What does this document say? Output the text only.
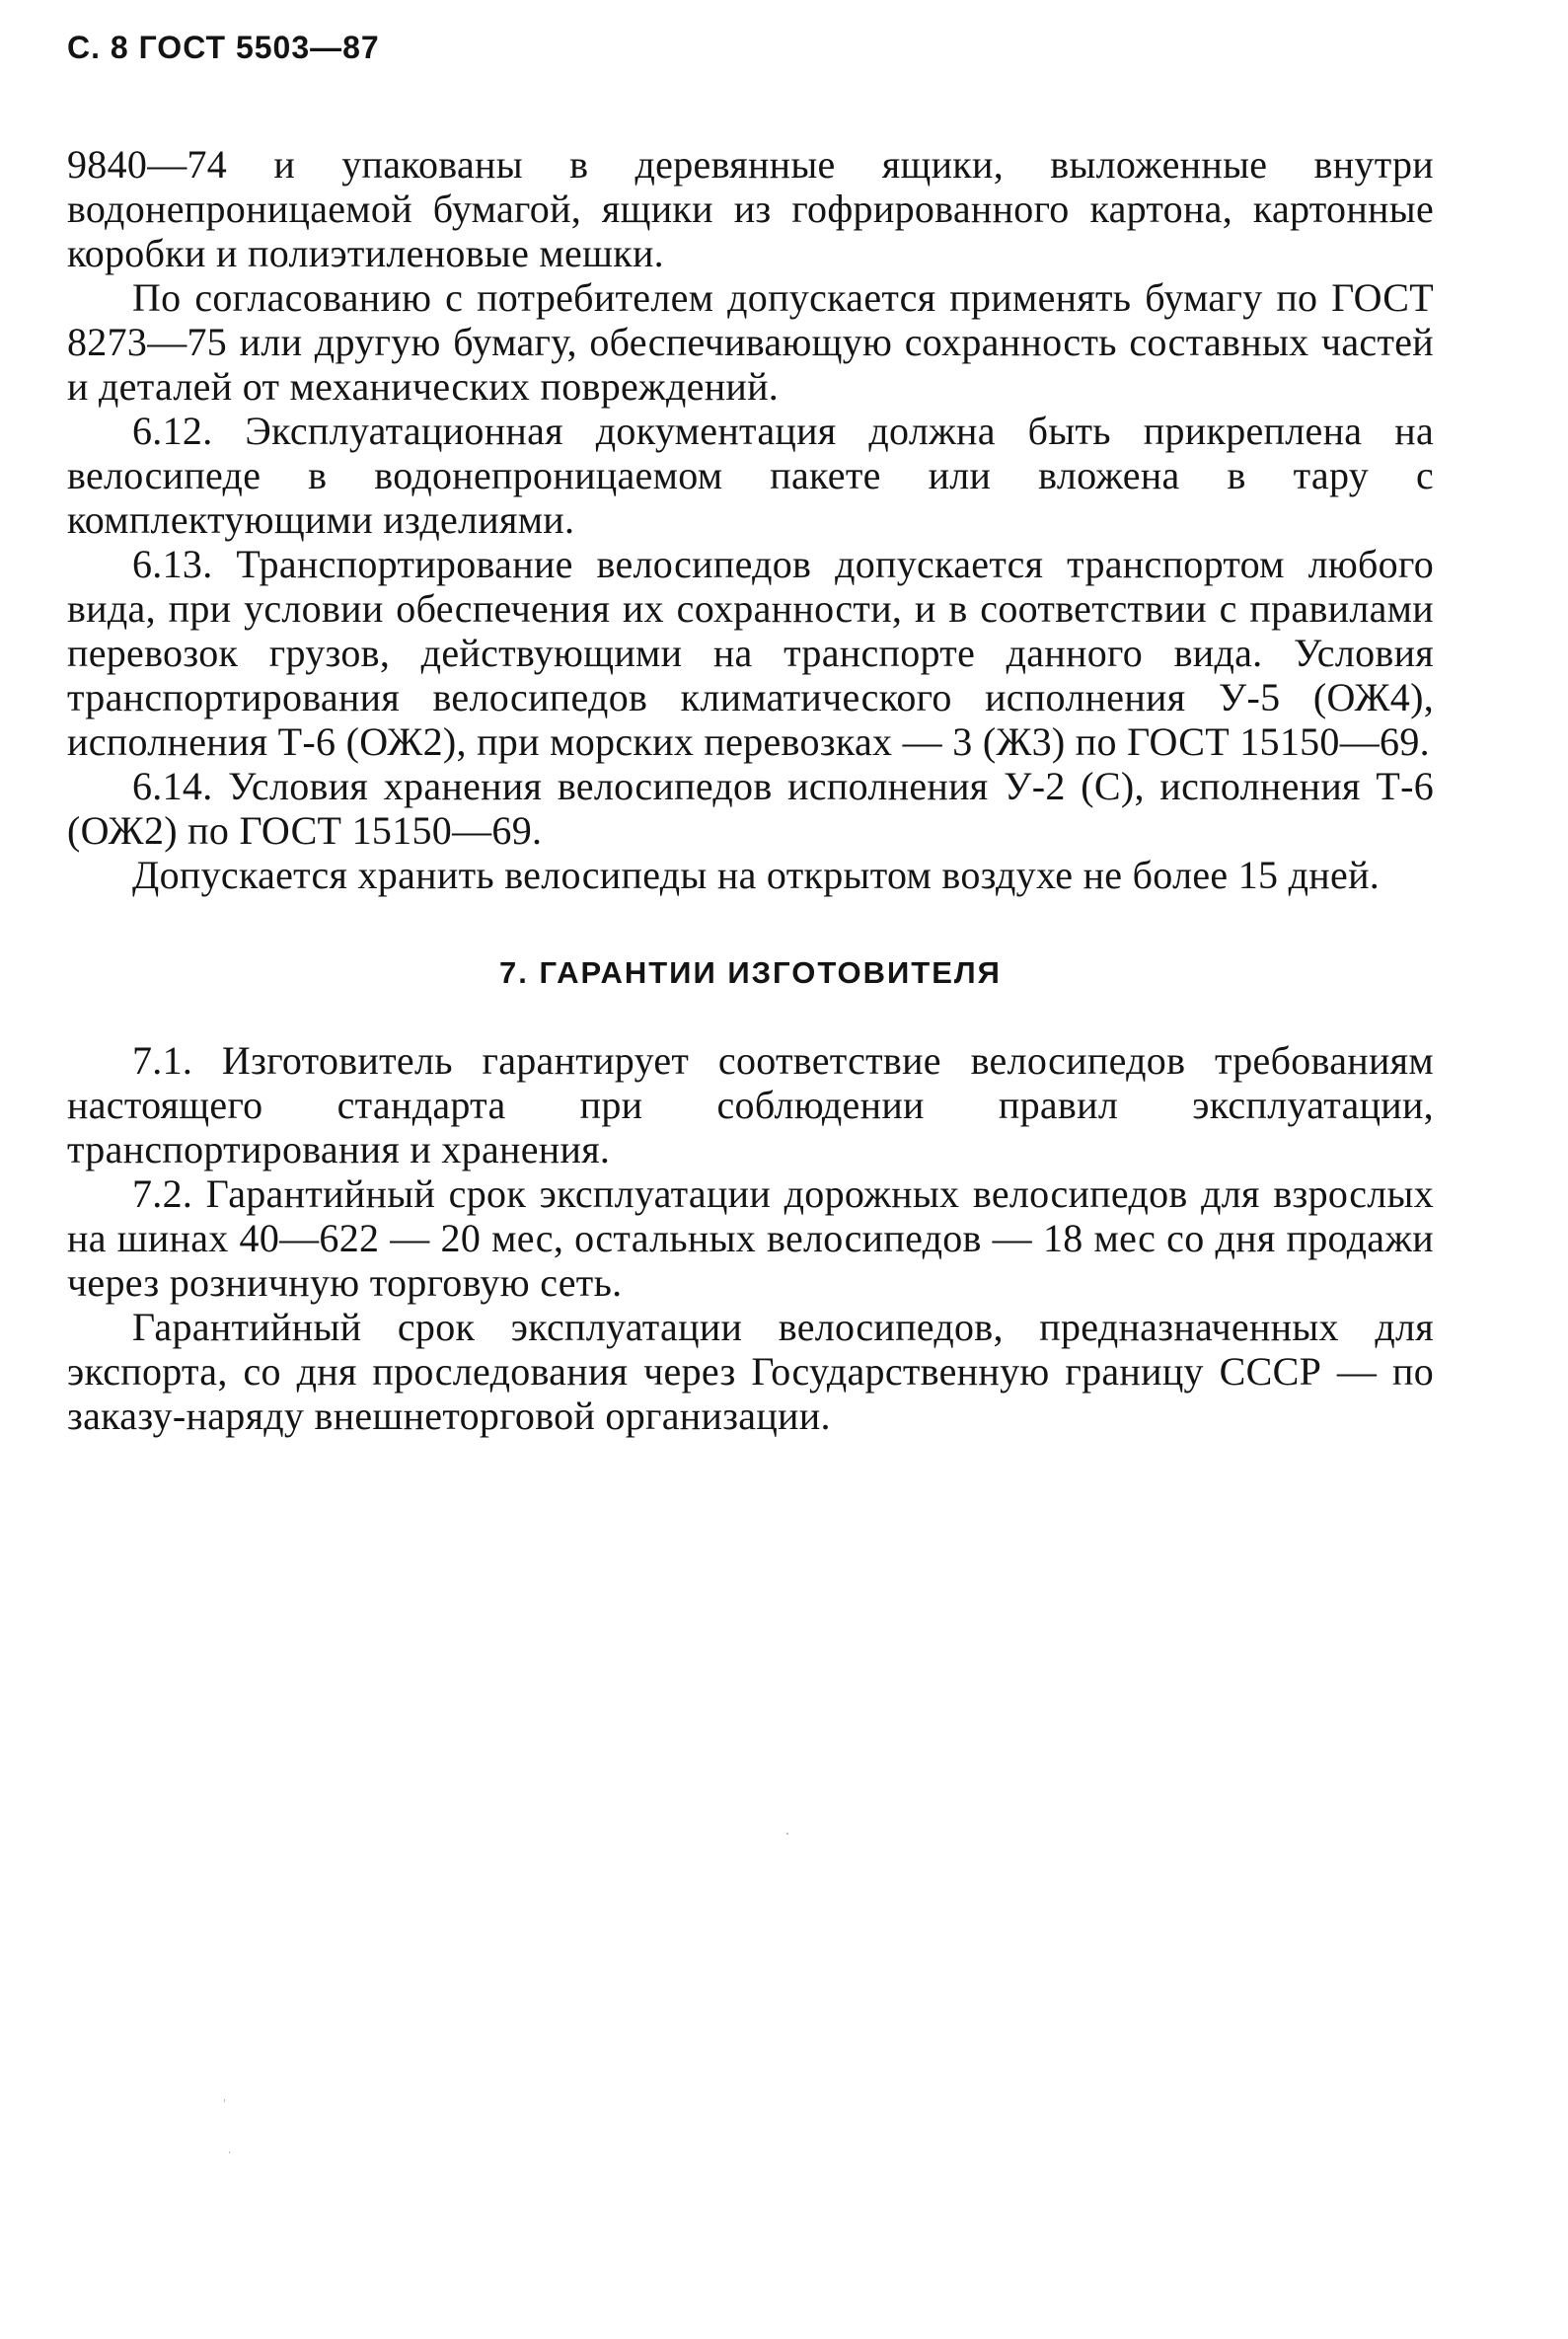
С. 8 ГОСТ 5503—87

9840—74 и упакованы в деревянные ящики, выложенные внутри водонепроницаемой бумагой, ящики из гофрированного картона, картонные коробки и полиэтиленовые мешки.

По согласованию с потребителем допускается применять бумагу по ГОСТ 8273—75 или другую бумагу, обеспечивающую сохранность составных частей и деталей от механических повреждений.

6.12. Эксплуатационная документация должна быть прикреплена на велосипеде в водонепроницаемом пакете или вложена в тару с комплектующими изделиями.

6.13. Транспортирование велосипедов допускается транспортом любого вида, при условии обеспечения их сохранности, и в соответствии с правилами перевозок грузов, действующими на транспорте данного вида. Условия транспортирования велосипедов климатического исполнения У-5 (ОЖ4), исполнения Т-6 (ОЖ2), при морских перевозках — 3 (Ж3) по ГОСТ 15150—69.

6.14. Условия хранения велосипедов исполнения У-2 (С), исполнения Т-6 (ОЖ2) по ГОСТ 15150—69.

Допускается хранить велосипеды на открытом воздухе не более 15 дней.

7. ГАРАНТИИ ИЗГОТОВИТЕЛЯ

7.1. Изготовитель гарантирует соответствие велосипедов требованиям настоящего стандарта при соблюдении правил эксплуатации, транспортирования и хранения.

7.2. Гарантийный срок эксплуатации дорожных велосипедов для взрослых на шинах 40—622 — 20 мес, остальных велосипедов — 18 мес со дня продажи через розничную торговую сеть.

Гарантийный срок эксплуатации велосипедов, предназначенных для экспорта, со дня проследования через Государственную границу СССР — по заказу-наряду внешнеторговой организации.
